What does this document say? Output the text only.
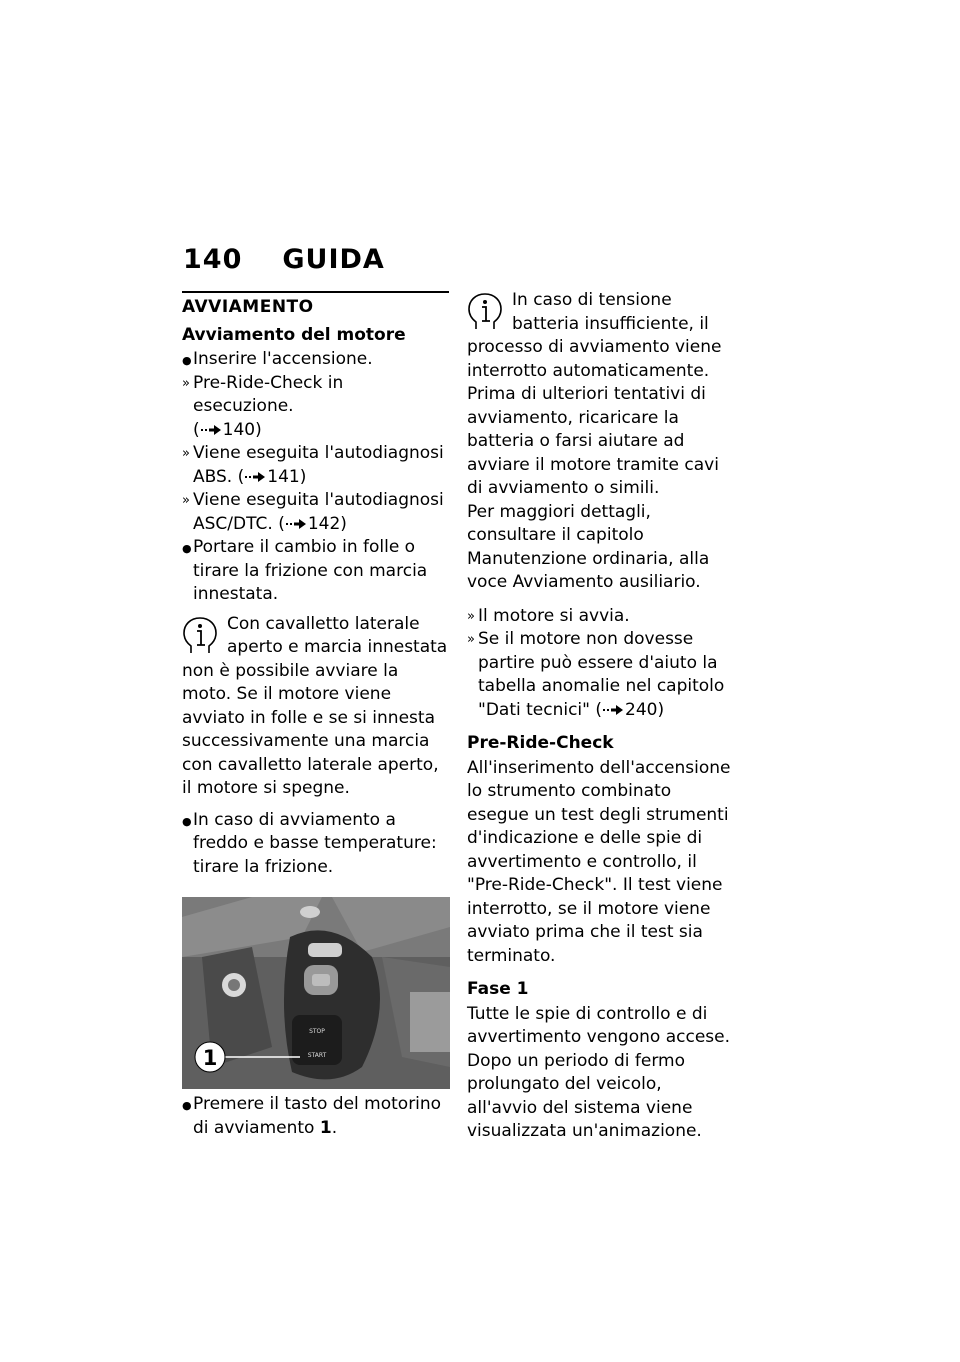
140 GUIDA
AVVIAMENTO
Avviamento del motore
● Inserire l'accensione.
» Pre-Ride-Check in esecuzione.
( 140)
» Viene eseguita l'autodiagnosi ABS. ( 141)
» Viene eseguita l'autodiagnosi ASC/DTC. ( 142)
● Portare il cambio in folle o tirare la frizione con marcia innestata.

Con cavalletto laterale

aperto e marcia innestata

non è possibile avviare la moto. Se il motore viene avviato in folle e se si innesta successivamente una marcia con cavalletto laterale aperto, il motore si spegne.

● In caso di avviamento a freddo e basse temperature: tirare la frizione.
STOP
START
1
● Premere il tasto del motorino di avviamento 1.

In caso di tensione

batteria insufficiente, il

processo di avviamento viene interrotto automaticamente. Prima di ulteriori tentativi di avviamento, ricaricare la batteria o farsi aiutare ad avviare il motore tramite cavi di avviamento o simili.

Per maggiori dettagli, consultare il capitolo Manutenzione ordinaria, alla voce Avviamento ausiliario.

» Il motore si avvia.
» Se il motore non dovesse partire può essere d'aiuto la tabella anomalie nel capitolo "Dati tecnici" ( 240)
Pre-Ride-Check

All'inserimento dell'accensione lo strumento combinato esegue un test degli strumenti d'indicazione e delle spie di avvertimento e controllo, il "Pre-Ride-Check". Il test viene interrotto, se il motore viene avviato prima che il test sia terminato.

Fase 1

Tutte le spie di controllo e di avvertimento vengono accese. Dopo un periodo di fermo prolungato del veicolo, all'avvio del sistema viene visualizzata un'animazione.
